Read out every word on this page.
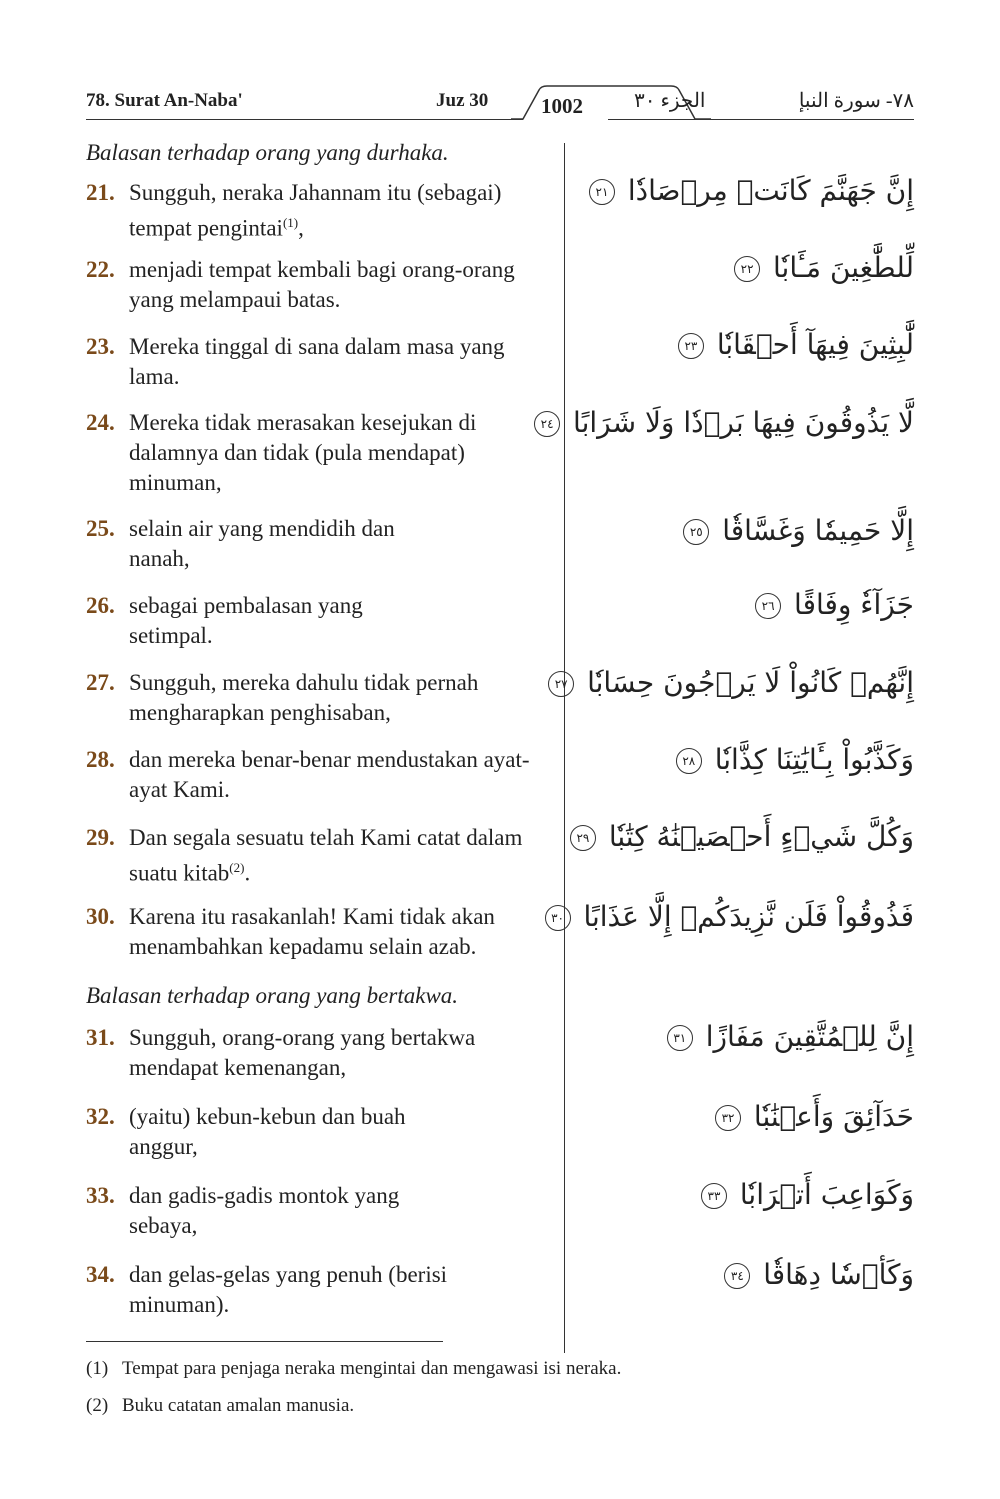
78. Surat An-Naba'	Juz 30	1002	الجزء ٣٠	٧٨- سورة النبإ
Balasan terhadap orang yang durhaka.
21. Sungguh, neraka Jahannam itu (sebagai) tempat pengintai$^{(1)}$,
إِنَّ جَهَنَّمَ كَانَتۡ مِرۡصَادٗا ٢١
22. menjadi tempat kembali bagi orang-orang yang melampaui batas.
لِّلطَّٰغِينَ مَـَٔابٗا ٢٢
23. Mereka tinggal di sana dalam masa yang lama.
لَّٰبِثِينَ فِيهَآ أَحۡقَابٗا ٢٣
24. Mereka tidak merasakan kesejukan di dalamnya dan tidak (pula mendapat) minuman,
لَّا يَذُوقُونَ فِيهَا بَرۡدٗا وَلَا شَرَابًا ٢٤
25. selain air yang mendidih dan nanah,
إِلَّا حَمِيمٗا وَغَسَّاقٗا ٢٥
26. sebagai pembalasan yang setimpal.
جَزَآءٗ وِفَاقًا ٢٦
27. Sungguh, mereka dahulu tidak pernah mengharapkan penghisaban,
إِنَّهُمۡ كَانُواْ لَا يَرۡجُونَ حِسَابٗا ٢٧
28. dan mereka benar-benar mendustakan ayat-ayat Kami.
وَكَذَّبُواْ بِـَٔايَٰتِنَا كِذَّابٗا ٢٨
29. Dan segala sesuatu telah Kami catat dalam suatu kitab$^{(2)}$.
وَكُلَّ شَيۡءٍ أَحۡصَيۡنَٰهُ كِتَٰبٗا ٢٩
30. Karena itu rasakanlah! Kami tidak akan menambahkan kepadamu selain azab.
فَذُوقُواْ فَلَن نَّزِيدَكُمۡ إِلَّا عَذَابًا ٣٠
Balasan terhadap orang yang bertakwa.
31. Sungguh, orang-orang yang bertakwa mendapat kemenangan,
إِنَّ لِلۡمُتَّقِينَ مَفَازًا ٣١
32. (yaitu) kebun-kebun dan buah anggur,
حَدَآئِقَ وَأَعۡنَٰبٗا ٣٢
33. dan gadis-gadis montok yang sebaya,
وَكَوَاعِبَ أَتۡرَابٗا ٣٣
34. dan gelas-gelas yang penuh (berisi minuman).
وَكَأۡسٗا دِهَاقٗا ٣٤
(1) Tempat para penjaga neraka mengintai dan mengawasi isi neraka.
(2) Buku catatan amalan manusia.
